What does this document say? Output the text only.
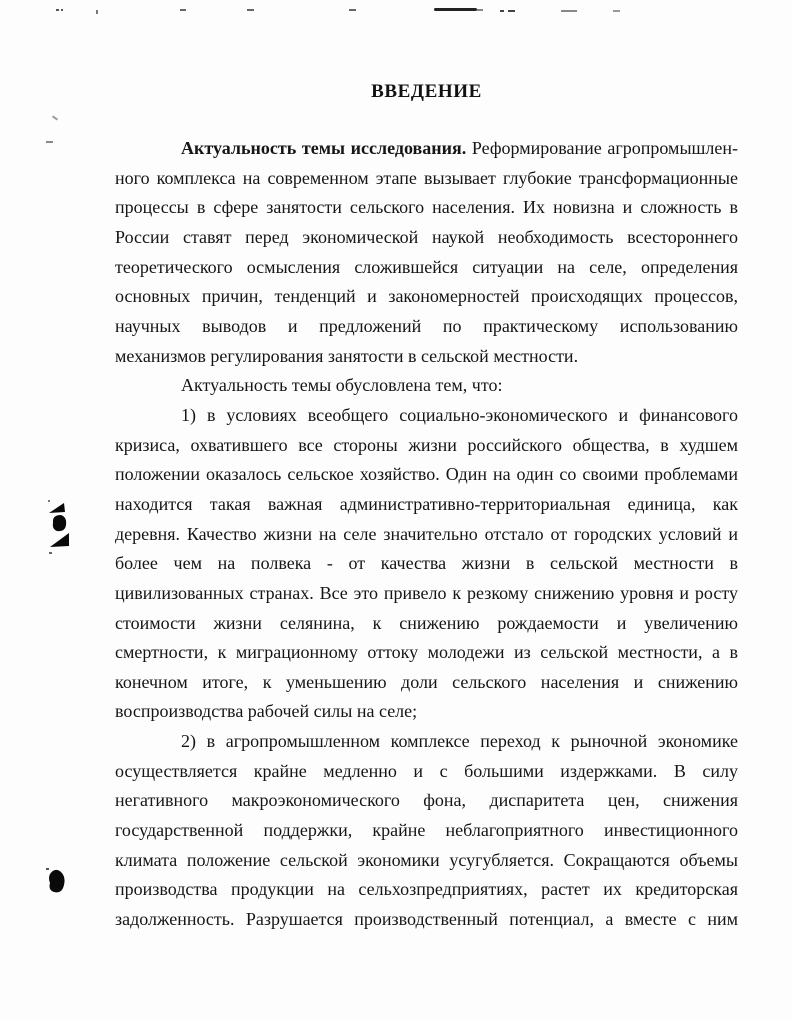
ВВЕДЕНИЕ
Актуальность темы исследования. Реформирование агропромышлен-
ного комплекса на современном этапе вызывает глубокие трансформационные
процессы в сфере занятости сельского населения. Их новизна и сложность в
России ставят перед экономической наукой необходимость всестороннего
теоретического осмысления сложившейся ситуации на селе, определения
основных причин, тенденций и закономерностей происходящих процессов,
научных выводов и предложений по практическому использованию
механизмов регулирования занятости в сельской местности.
Актуальность темы обусловлена тем, что:
1) в условиях всеобщего социально-экономического и финансового
кризиса, охватившего все стороны жизни российского общества, в худшем
положении оказалось сельское хозяйство. Один на один со своими проблемами
находится такая важная административно-территориальная единица, как
деревня. Качество жизни на селе значительно отстало от городских условий и
более чем на полвека - от качества жизни в сельской местности в
цивилизованных странах. Все это привело к резкому снижению уровня и росту
стоимости жизни селянина, к снижению рождаемости и увеличению
смертности, к миграционному оттоку молодежи из сельской местности, а в
конечном итоге, к уменьшению доли сельского населения и снижению
воспроизводства рабочей силы на селе;
2) в агропромышленном комплексе переход к рыночной экономике
осуществляется крайне медленно и с большими издержками. В силу
негативного макроэкономического фона, диспаритета цен, снижения
государственной поддержки, крайне неблагоприятного инвестиционного
климата положение сельской экономики усугубляется. Сокращаются объемы
производства продукции на сельхозпредприятиях, растет их кредиторская
задолженность. Разрушается производственный потенциал, а вместе с ним
